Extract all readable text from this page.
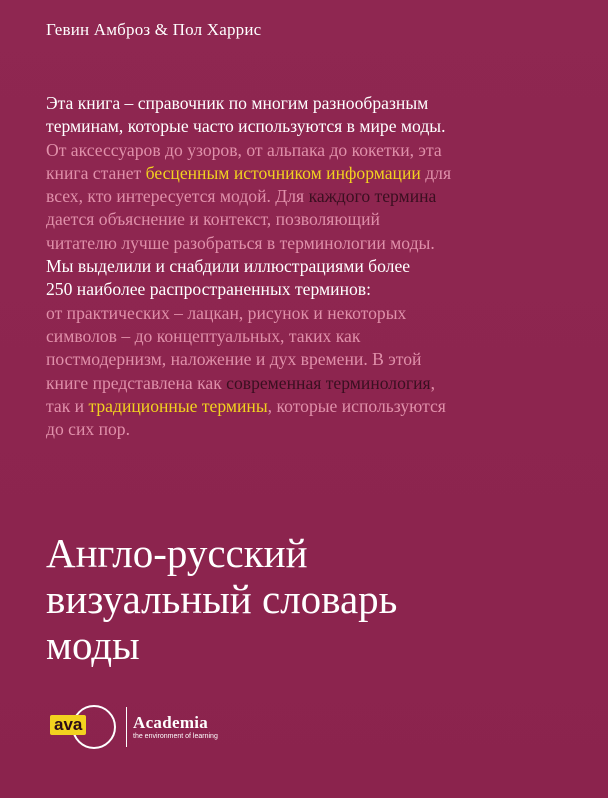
Гевин Амброз & Пол Харрис
Эта книга – справочник по многим разнообразным
терминам, которые часто используются в мире моды.
От аксессуаров до узоров, от альпака до кокетки, эта
книга станет бесценным источником информации для
всех, кто интересуется модой. Для каждого термина
дается объяснение и контекст, позволяющий
читателю лучше разобраться в терминологии моды.
Мы выделили и снабдили иллюстрациями более
250 наиболее распространенных терминов:
от практических – лацкан, рисунок и некоторых
символов – до концептуальных, таких как
постмодернизм, наложение и дух времени. В этой
книге представлена как современная терминология,
так и традиционные термины, которые используются
до сих пор.
Англо-русский
визуальный словарь
моды
ava	Academia
the environment of learning
